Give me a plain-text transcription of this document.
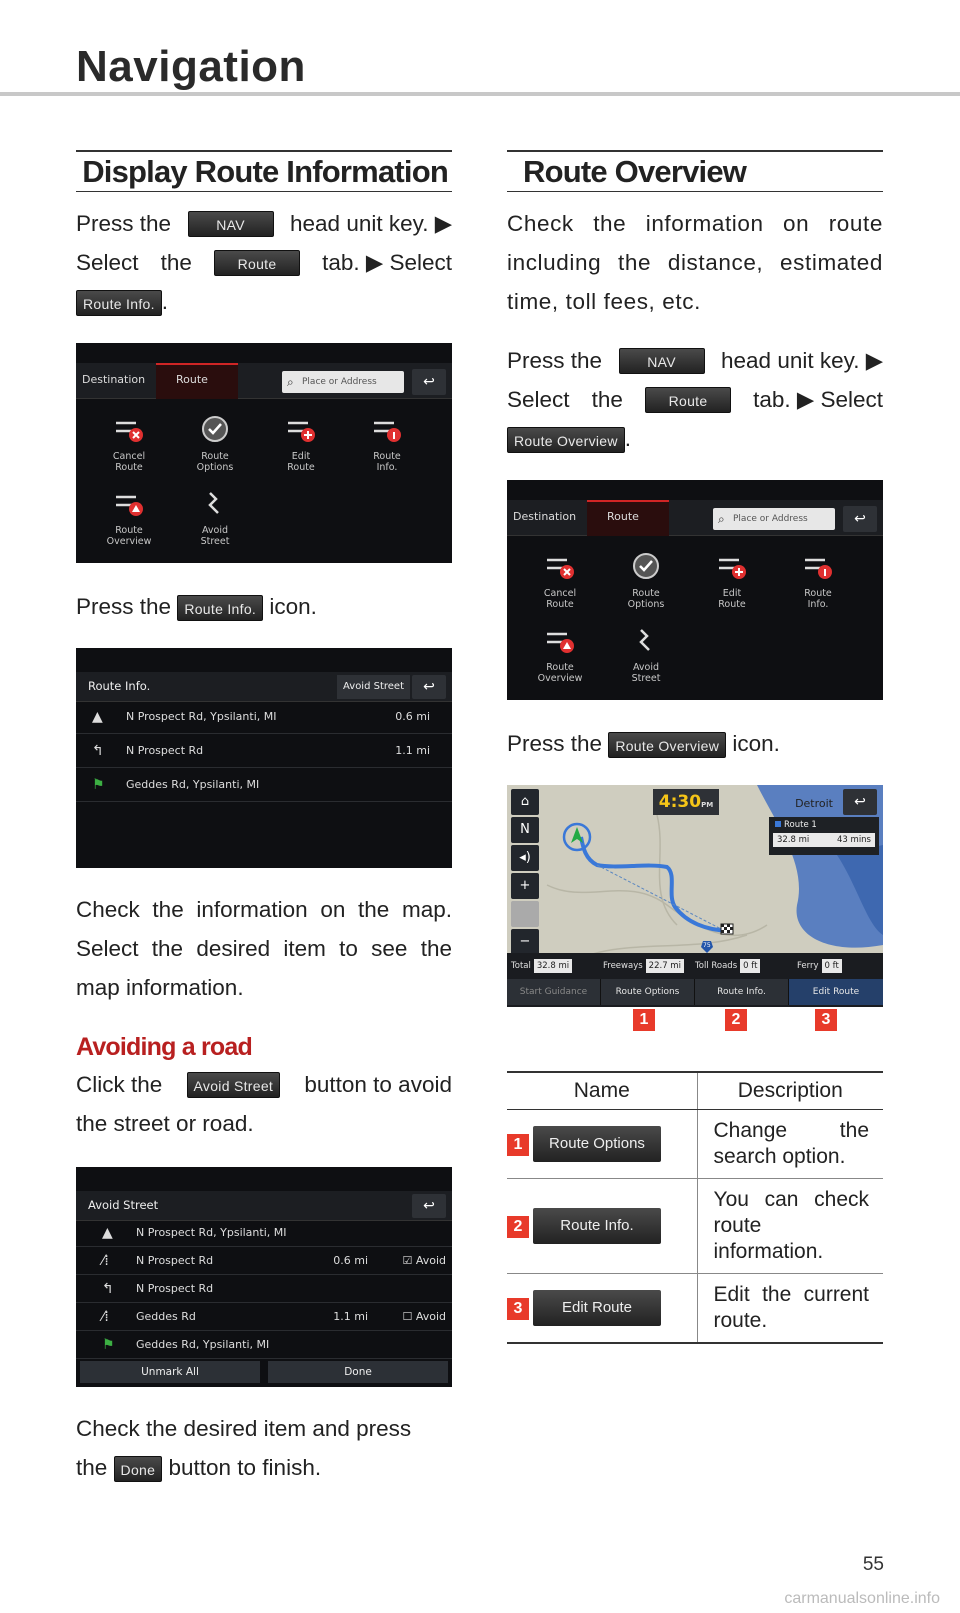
Navigation
Display Route Information
Press the	NAV	head unit key. ▶
Select the	Route	tab. ▶ Select
Route Info. .
Destination	Route	⌕ Place or Address	↩
Cancel
Route
Route
Options
Edit
Route
Route
Info.
Route
Overview
Avoid
Street
Press the Route Info. icon.
Route Info.	Avoid Street	↩
▲	N Prospect Rd, Ypsilanti, MI	0.6 mi
↰	N Prospect Rd	1.1 mi
⚑	Geddes Rd, Ypsilanti, MI
Check the information on the map. Select the desired item to see the map information.
Avoiding a road
Click the	Avoid Street	button to avoid
the street or road.
Avoid Street	↩
▲	N Prospect Rd, Ypsilanti, MI
⁄⁞	N Prospect Rd	0.6 mi	☑ Avoid
↰	N Prospect Rd
⁄⁞	Geddes Rd	1.1 mi	☐ Avoid
⚑	Geddes Rd, Ypsilanti, MI
Unmark All	Done
Check the desired item and press
the Done button to finish.
Route Overview
Check the information on route including the distance, estimated time, toll fees, etc.
Press the	NAV	head unit key. ▶
Select the	Route	tab. ▶ Select
Route Overview .
Destination	Route	⌕ Place or Address	↩
Cancel
Route
Route
Options
Edit
Route
Route
Info.
Route
Overview
Avoid
Street
Press the Route Overview icon.
75
⌂
N
◂)
+
−
4:30PM	Detroit	↩
Route 1
32.8 mi	43 mins
Total 32.8 mi	Freeways 22.7 mi	Toll Roads 0 ft	Ferry 0 ft
Start Guidance	Route Options	Route Info.	Edit Route
1	2	3
Name	Description
1 Route Options	Change the search option.
2 Route Info.	You can check route information.
3 Edit Route	Edit the current route.
55
carmanualsonline.info
